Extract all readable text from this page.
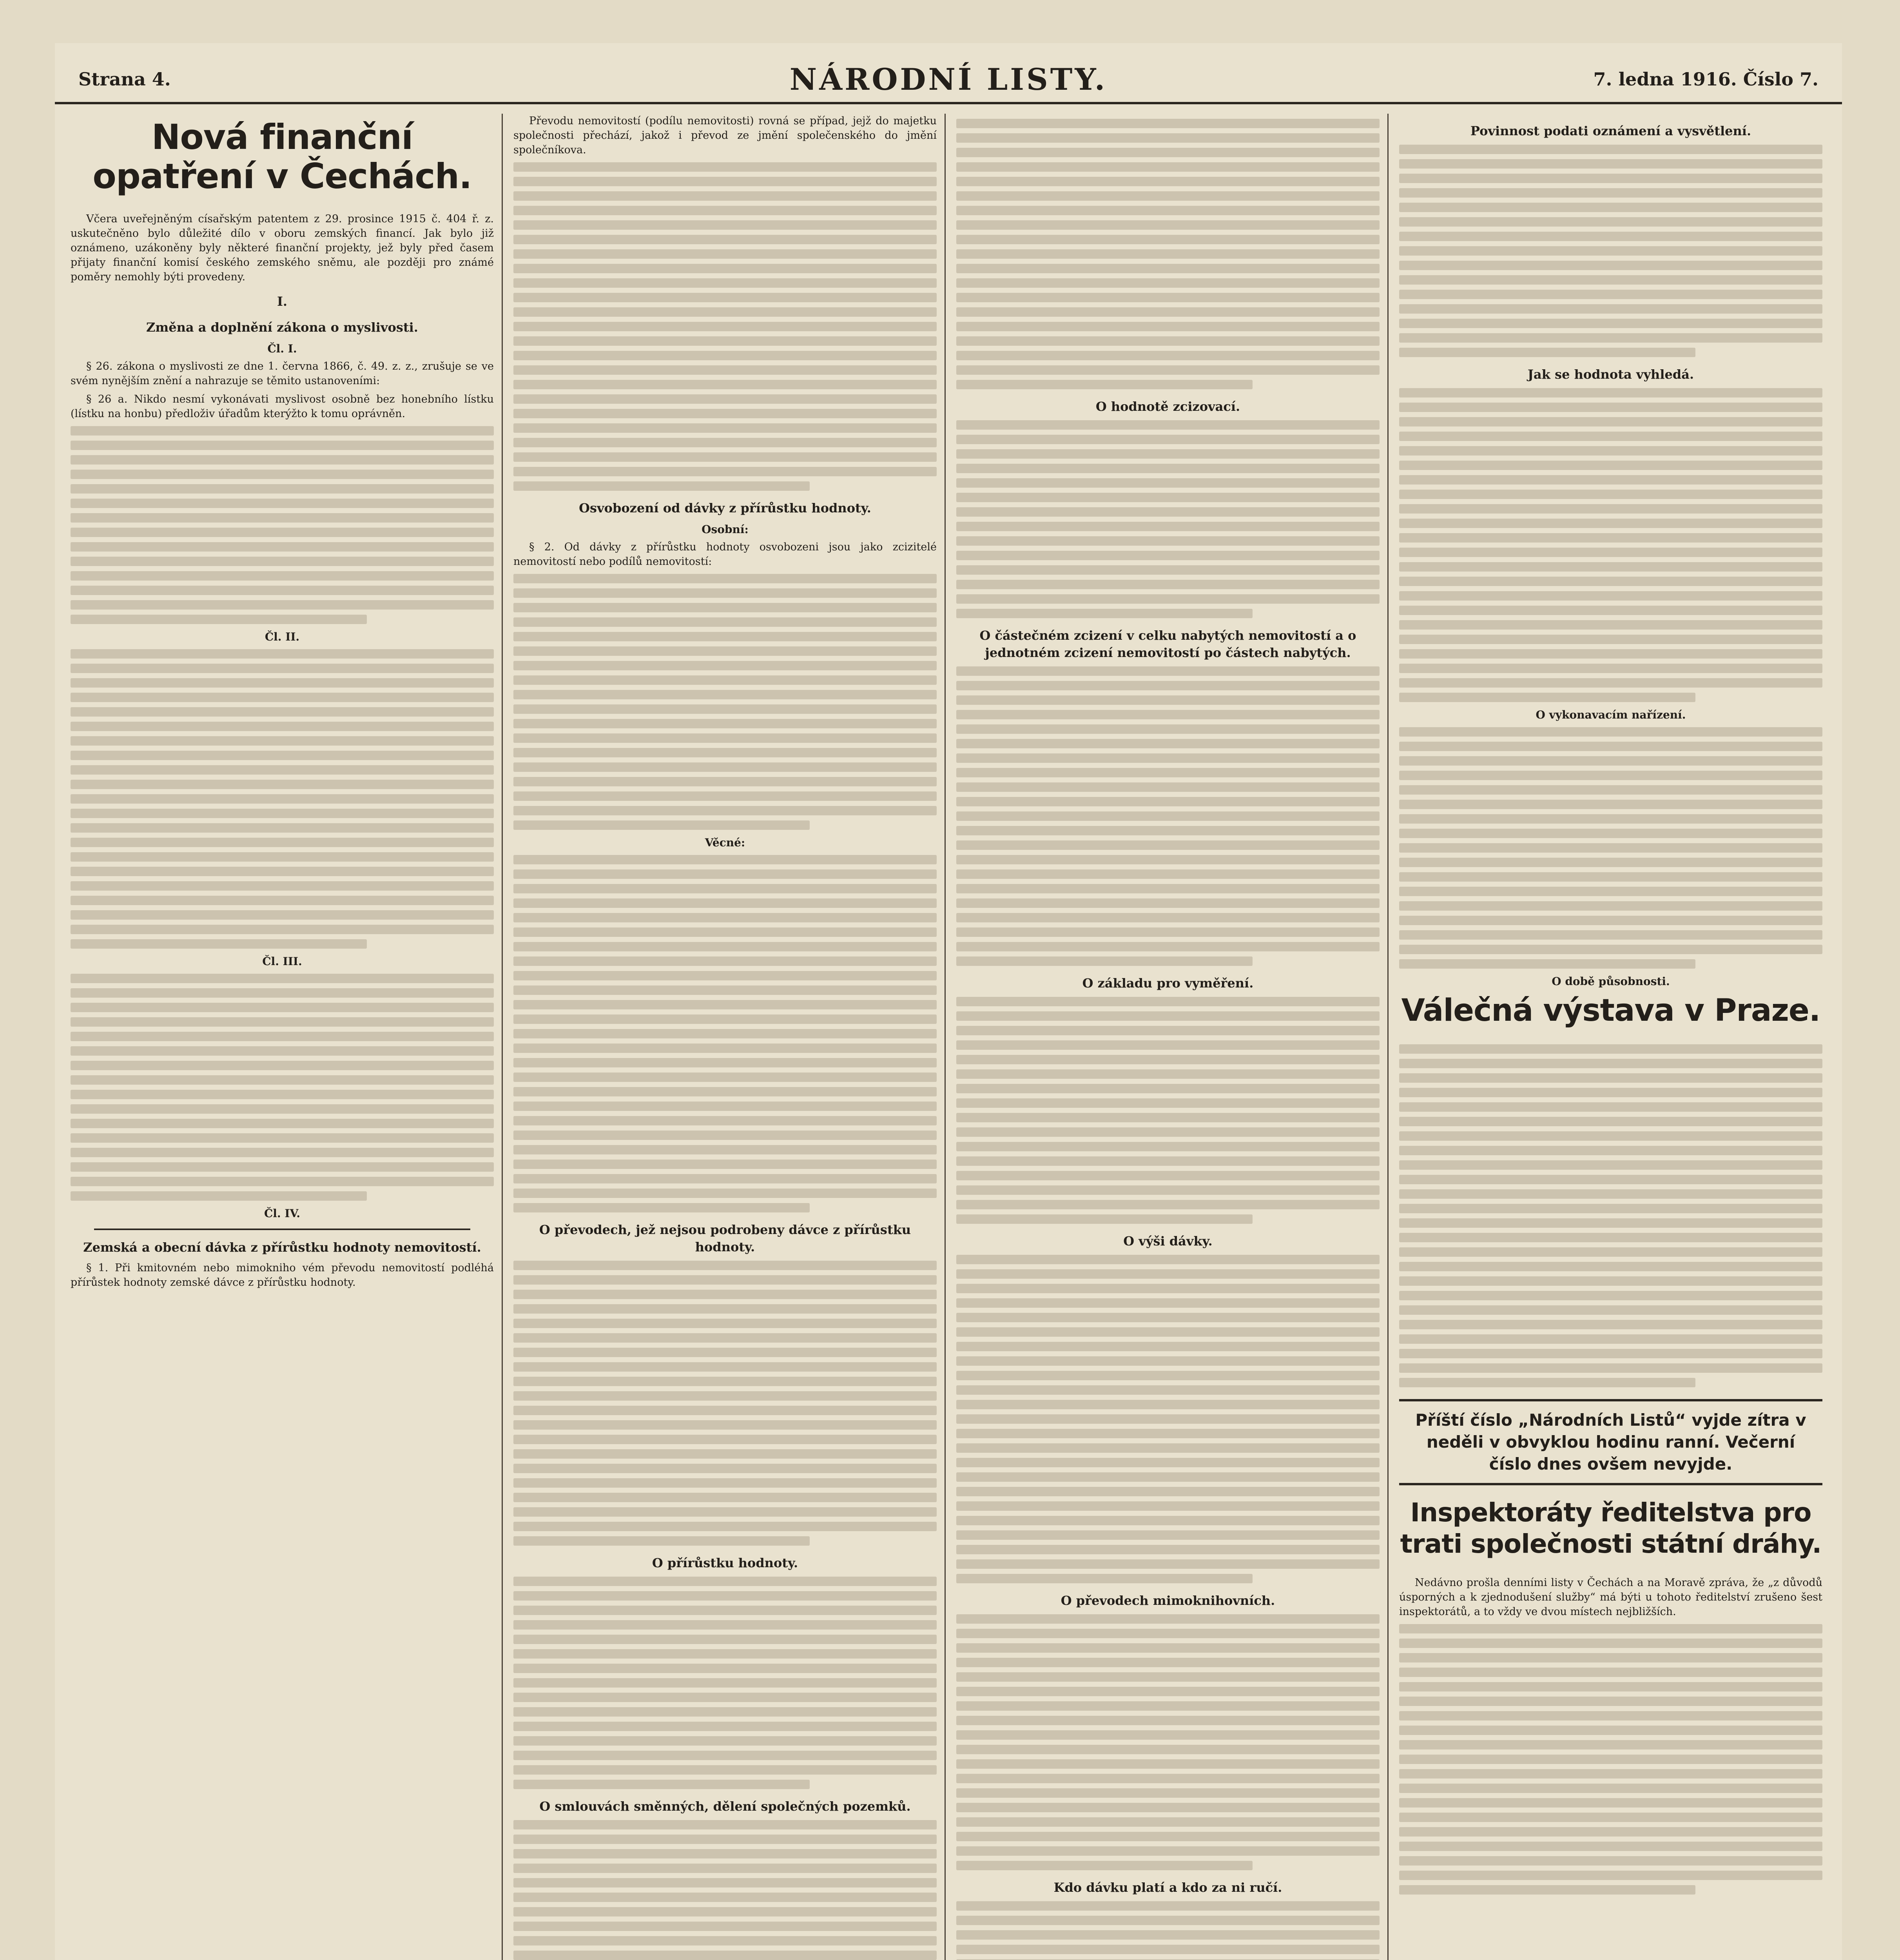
Strana 4.	NÁRODNÍ LISTY.	7. ledna 1916. Číslo 7.
Nová finanční opatření v Čechách.

Včera uveřejněným císařským patentem z 29. prosince 1915 č. 404 ř. z. uskutečněno bylo důležité dílo v oboru zemských financí. Jak bylo již oznámeno, uzákoněny byly některé finanční projekty, jež byly před časem přijaty finanční komisí českého zemského sněmu, ale později pro známé poměry nemohly býti provedeny.

I.
Změna a doplnění zákona o myslivosti.
Čl. I.

§ 26. zákona o myslivosti ze dne 1. června 1866, č. 49. z. z., zrušuje se ve svém nynějším znění a nahrazuje se těmito ustanoveními:

§ 26 a. Nikdo nesmí vykonávati myslivost osobně bez honebního lístku (lístku na honbu) předloživ úřadům kterýžto k tomu oprávněn.

Čl. II.
Čl. III.
Čl. IV.
Zemská a obecní dávka z přírůstku hodnoty nemovitostí.

§ 1. Při kmitovném nebo mimokniho vém převodu nemovitostí podléhá přírůstek hodnoty zemské dávce z přírůstku hodnoty.

Převodu nemovitostí (podílu nemovitosti) rovná se případ, jejž do majetku společnosti přechází, jakož i převod ze jmění společenského do jmění společníkova.

Osvobození od dávky z přírůstku hodnoty.
Osobní:

§ 2. Od dávky z přírůstku hodnoty osvobozeni jsou jako zcizitelé nemovitostí nebo podílů nemovitostí:

Věcné:
O převodech, jež nejsou podrobeny dávce z přírůstku hodnoty.
O přírůstku hodnoty.
O smlouvách směnných, dělení společných pozemků.
O hodnotě zcizovací.
O částečném zcizení v celku nabytých nemovitostí a o jednotném zcizení nemovitostí po částech nabytých.
O základu pro vyměření.
O výši dávky.
O převodech mimoknihovních.
Kdo dávku platí a kdo za ni ručí.
Povinnost podati oznámení a vysvětlení.
Jak se hodnota vyhledá.
O vykonavacím nařízení.
O době působnosti.
Válečná výstava v Praze.
Příští číslo „Národních Listů“ vyjde zítra v neděli v obvyklou hodinu ranní. Večerní číslo dnes ovšem nevyjde.
Inspektoráty ředitelstva pro trati společnosti státní dráhy.

Nedávno prošla denními listy v Čechách a na Moravě zpráva, že „z důvodů úsporných a k zjednodušení služby“ má býti u tohoto ředitelství zrušeno šest inspektorátů, a to vždy ve dvou místech nejbližších.
